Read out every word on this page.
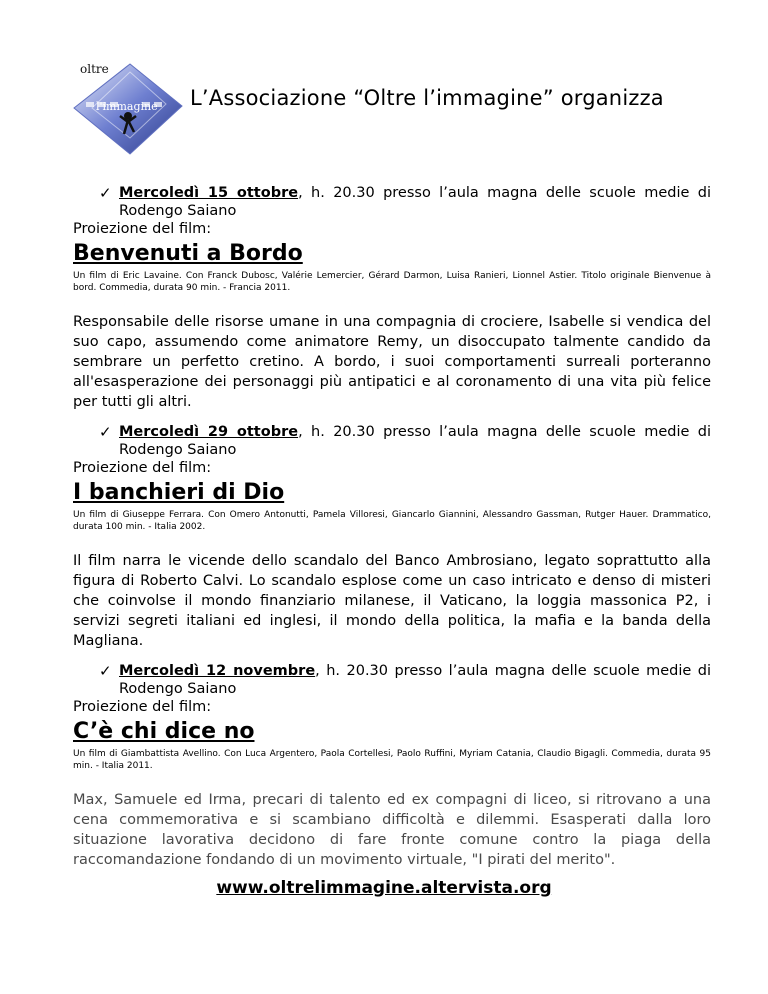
oltre
l'immagine L’Associazione “Oltre l’immagine” organizza
✓ Mercoledì 15 ottobre, h. 20.30 presso l’aula magna delle scuole medie di
Rodengo Saiano
Proiezione del film:
Benvenuti a Bordo
Un film di Eric Lavaine. Con Franck Dubosc, Valérie Lemercier, Gérard Darmon, Luisa Ranieri, Lionnel Astier. Titolo originale Bienvenue à bord. Commedia, durata 90 min. - Francia 2011.
Responsabile delle risorse umane in una compagnia di crociere, Isabelle si vendica del suo capo, assumendo come animatore Remy, un disoccupato talmente candido da sembrare un perfetto cretino. A bordo, i suoi comportamenti surreali porteranno all'esasperazione dei personaggi più antipatici e al coronamento di una vita più felice per tutti gli altri.
✓ Mercoledì 29 ottobre, h. 20.30 presso l’aula magna delle scuole medie di
Rodengo Saiano
Proiezione del film:
I banchieri di Dio
Un film di Giuseppe Ferrara. Con Omero Antonutti, Pamela Villoresi, Giancarlo Giannini, Alessandro Gassman, Rutger Hauer. Drammatico, durata 100 min. - Italia 2002.
Il film narra le vicende dello scandalo del Banco Ambrosiano, legato soprattutto alla figura di Roberto Calvi. Lo scandalo esplose come un caso intricato e denso di misteri che coinvolse il mondo finanziario milanese, il Vaticano, la loggia massonica P2, i servizi segreti italiani ed inglesi, il mondo della politica, la mafia e la banda della Magliana.
✓ Mercoledì 12 novembre, h. 20.30 presso l’aula magna delle scuole medie di
Rodengo Saiano
Proiezione del film:
C’è chi dice no
Un film di Giambattista Avellino. Con Luca Argentero, Paola Cortellesi, Paolo Ruffini, Myriam Catania, Claudio Bigagli. Commedia, durata 95 min. - Italia 2011.
Max, Samuele ed Irma, precari di talento ed ex compagni di liceo, si ritrovano a una cena commemorativa e si scambiano difficoltà e dilemmi. Esasperati dalla loro situazione lavorativa decidono di fare fronte comune contro la piaga della raccomandazione fondando di un movimento virtuale, "I pirati del merito".
www.oltrelimmagine.altervista.org
